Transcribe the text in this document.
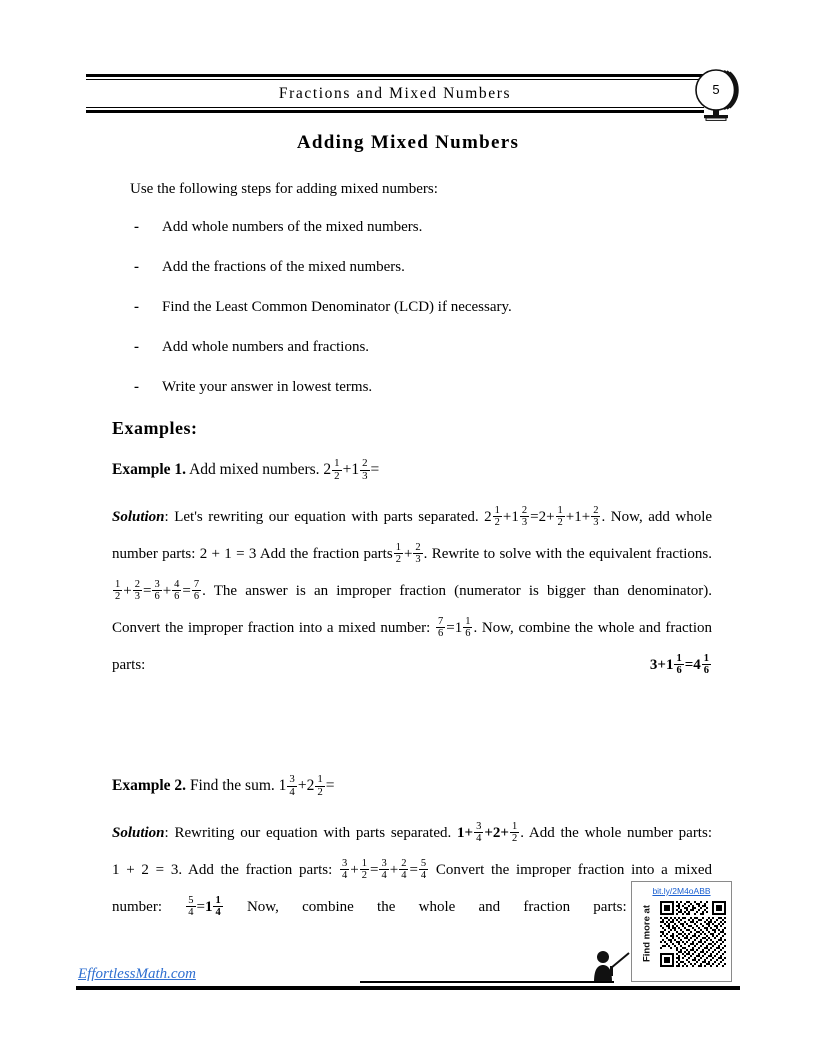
Fractions and Mixed Numbers	5
Adding Mixed Numbers
Use the following steps for adding mixed numbers:
- Add whole numbers of the mixed numbers.
- Add the fractions of the mixed numbers.
- Find the Least Common Denominator (LCD) if necessary.
- Add whole numbers and fractions.
- Write your answer in lowest terms.
Examples:
Example 1. Add mixed numbers. $2 \frac{1}{2} +1 \frac{2}{3}$ =
Solution: Let's rewriting our equation with parts separated. $2 \frac{1}{2} +1 \frac{2}{3} =2+ \frac{1}{2} +1+ \frac{2}{3}$ . Now, add whole number parts: 2 + 1 = 3 Add the fraction parts $\frac{1}{2} + \frac{2}{3}$ . Rewrite to solve with the equivalent fractions.
$\frac{1}{2} + \frac{2}{3} = \frac{3}{6} + \frac{4}{6} = \frac{7}{6}$ . The answer is an improper fraction (numerator is bigger than denominator). Convert the improper fraction into a mixed number: $\frac{7}{6} =1 \frac{1}{6}$ . Now, combine the whole and fraction parts:	$3+1 \frac{1}{6} =4 \frac{1}{6}$

Example 2. Find the sum. $1 \frac{3}{4} +2 \frac{1}{2}$ =
Solution: Rewriting our equation with parts separated. $1+ \frac{3}{4} +2+ \frac{1}{2}$ . Add the whole number parts: 1 + 2 = 3. Add the fraction parts: $\frac{3}{4} + \frac{1}{2} = \frac{3}{4} + \frac{2}{4} = \frac{5}{4}$ Convert the improper fraction into a mixed number: $\frac{5}{4} =1 \frac{1}{4}$ Now, combine the whole and fraction parts:

bit.ly/2M4oABB
Find more at
EffortlessMath.com
